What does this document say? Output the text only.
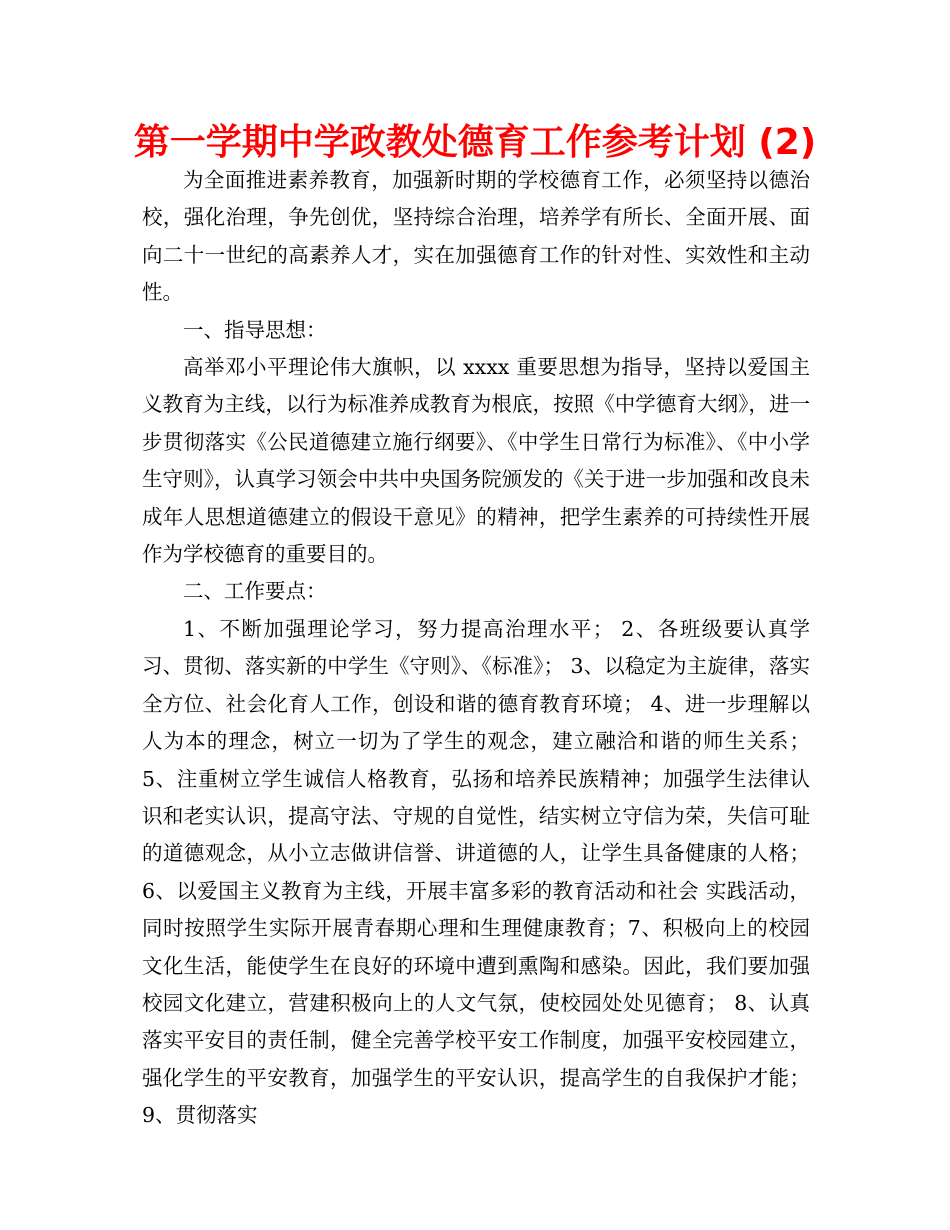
第一学期中学政教处德育工作参考计划 (2)

为全面推进素养教育，加强新时期的学校德育工作，必须坚持以德治校，强化治理，争先创优，坚持综合治理，培养学有所长、全面开展、面向二十一世纪的高素养人才，实在加强德育工作的针对性、实效性和主动性。

一、指导思想：

高举邓小平理论伟大旗帜，以 xxxx 重要思想为指导，坚持以爱国主义教育为主线，以行为标准养成教育为根底，按照《中学德育大纲》，进一步贯彻落实《公民道德建立施行纲要》、《中学生日常行为标准》、《中小学生守则》，认真学习领会中共中央国务院颁发的《关于进一步加强和改良未成年人思想道德建立的假设干意见》的精神，把学生素养的可持续性开展作为学校德育的重要目的。

二、工作要点：

1、不断加强理论学习，努力提高治理水平； 2、各班级要认真学习、贯彻、落实新的中学生《守则》、《标准》； 3、以稳定为主旋律，落实全方位、社会化育人工作，创设和谐的德育教育环境； 4、进一步理解以人为本的理念，树立一切为了学生的观念，建立融洽和谐的师生关系； 5、注重树立学生诚信人格教育，弘扬和培养民族精神；加强学生法律认识和老实认识，提高守法、守规的自觉性，结实树立守信为荣，失信可耻的道德观念，从小立志做讲信誉、讲道德的人，让学生具备健康的人格； 6、以爱国主义教育为主线，开展丰富多彩的教育活动和社会 实践活动，同时按照学生实际开展青春期心理和生理健康教育；7、积极向上的校园文化生活，能使学生在良好的环境中遭到熏陶和感染。因此，我们要加强校园文化建立，营建积极向上的人文气氛，使校园处处见德育； 8、认真落实平安目的责任制，健全完善学校平安工作制度，加强平安校园建立，强化学生的平安教育，加强学生的平安认识，提高学生的自我保护才能；9、贯彻落实
